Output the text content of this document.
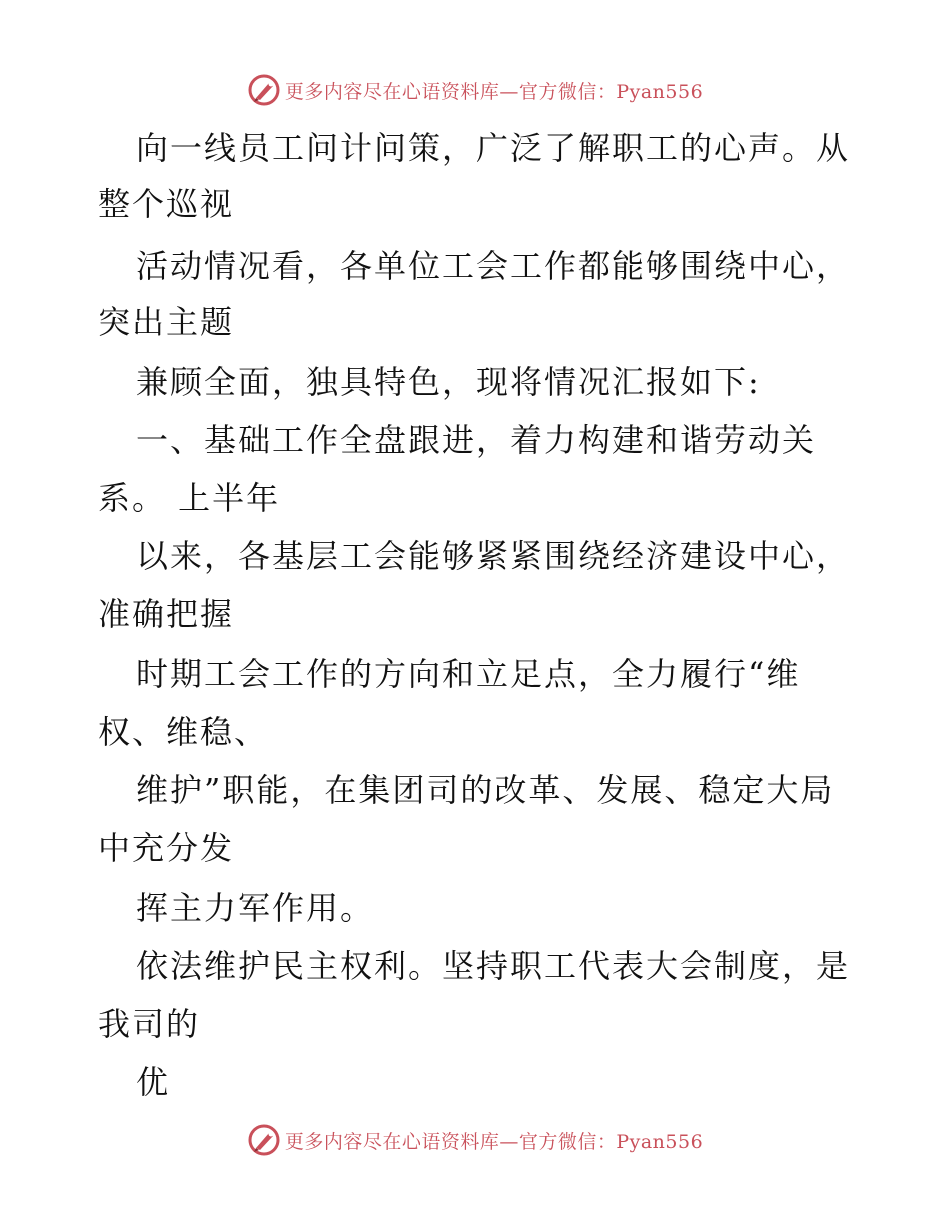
更多内容尽在心语资料库—官方微信：Pyan556
向一线员工问计问策，广泛了解职工的心声。从
整个巡视
活动情况看，各单位工会工作都能够围绕中心，
突出主题
兼顾全面，独具特色，现将情况汇报如下:
一、基础工作全盘跟进，着力构建和谐劳动关
系。 上半年
以来，各基层工会能够紧紧围绕经济建设中心，
准确把握
时期工会工作的方向和立足点，全力履行“维
权、维稳、
维护”职能，在集团司的改革、发展、稳定大局
中充分发
挥主力军作用。
依法维护民主权利。坚持职工代表大会制度，是
我司的
优
更多内容尽在心语资料库—官方微信：Pyan556
